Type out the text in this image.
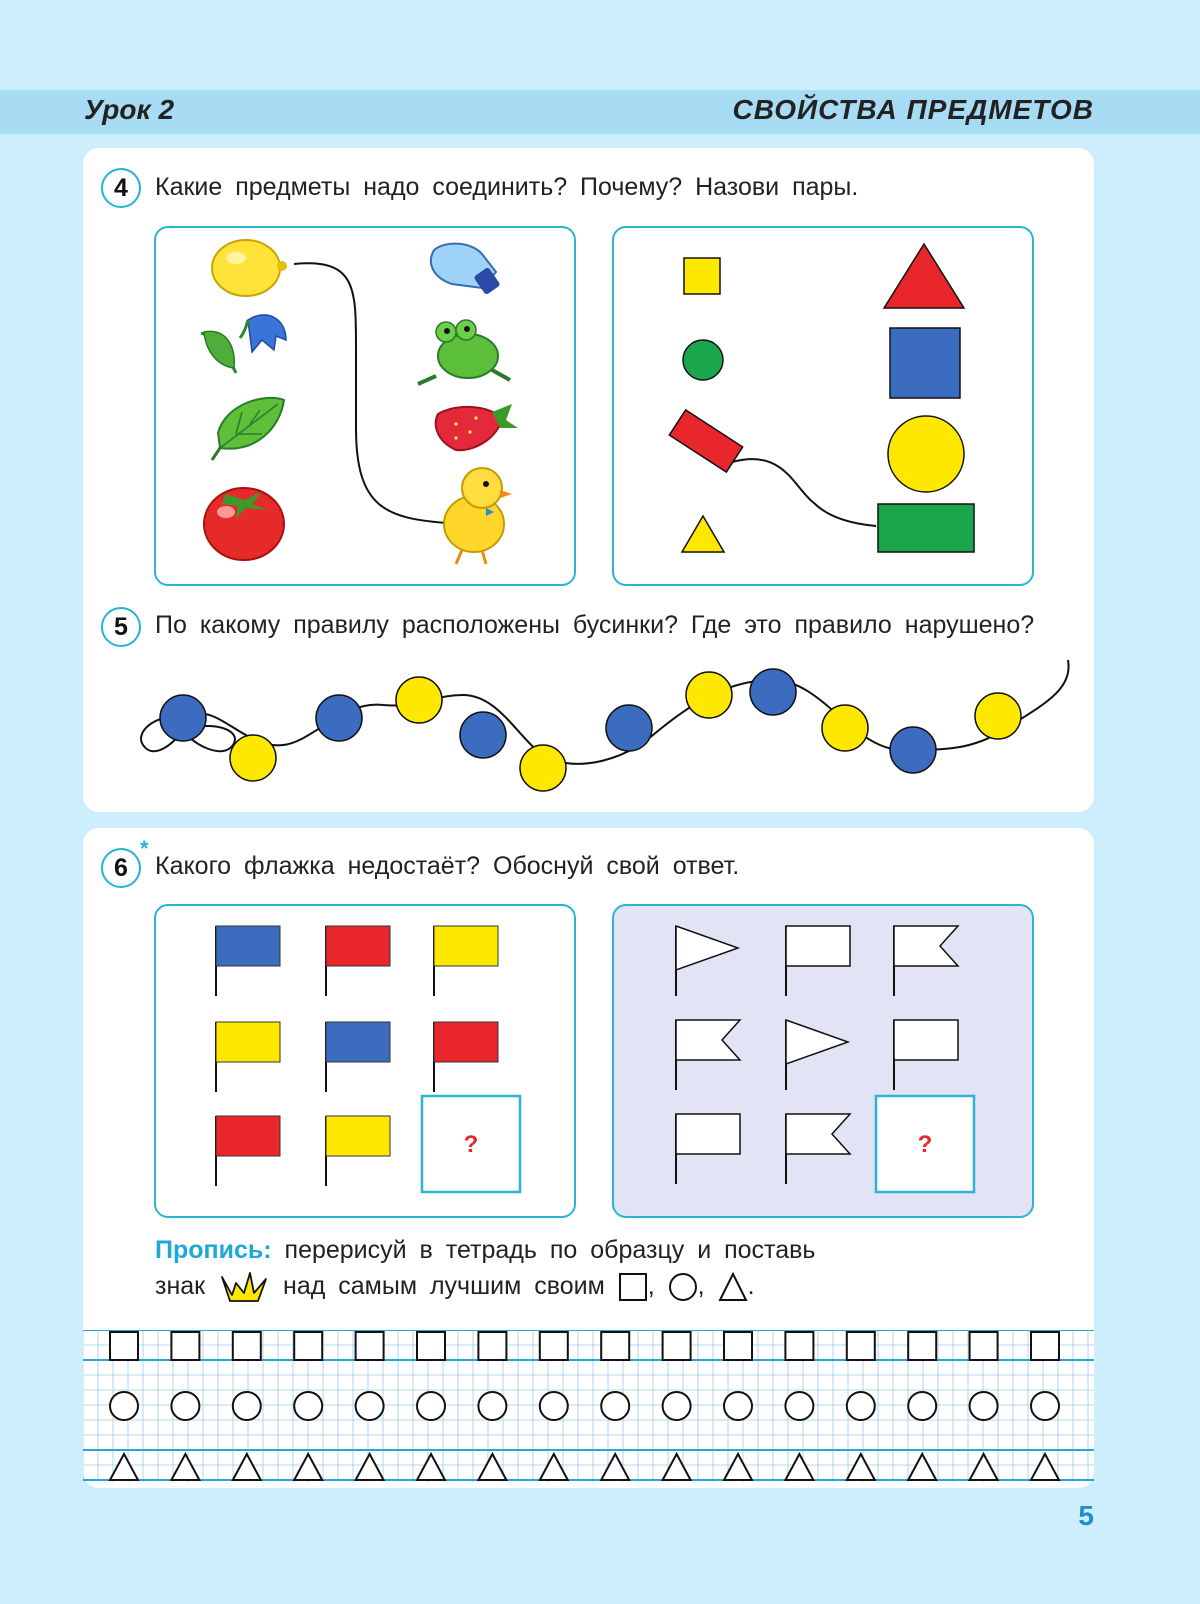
Урок 2	СВОЙСТВА ПРЕДМЕТОВ
4	Какие предметы надо соединить? Почему? Назови пары.
5	По какому правилу расположены бусинки? Где это правило нарушено?
6
*
Какого флажка недостаёт? Обоснуй свой ответ.
?	?
Пропись: перерисуй в тетрадь по образцу и поставь
знак	над самым лучшим своим , , .
5
